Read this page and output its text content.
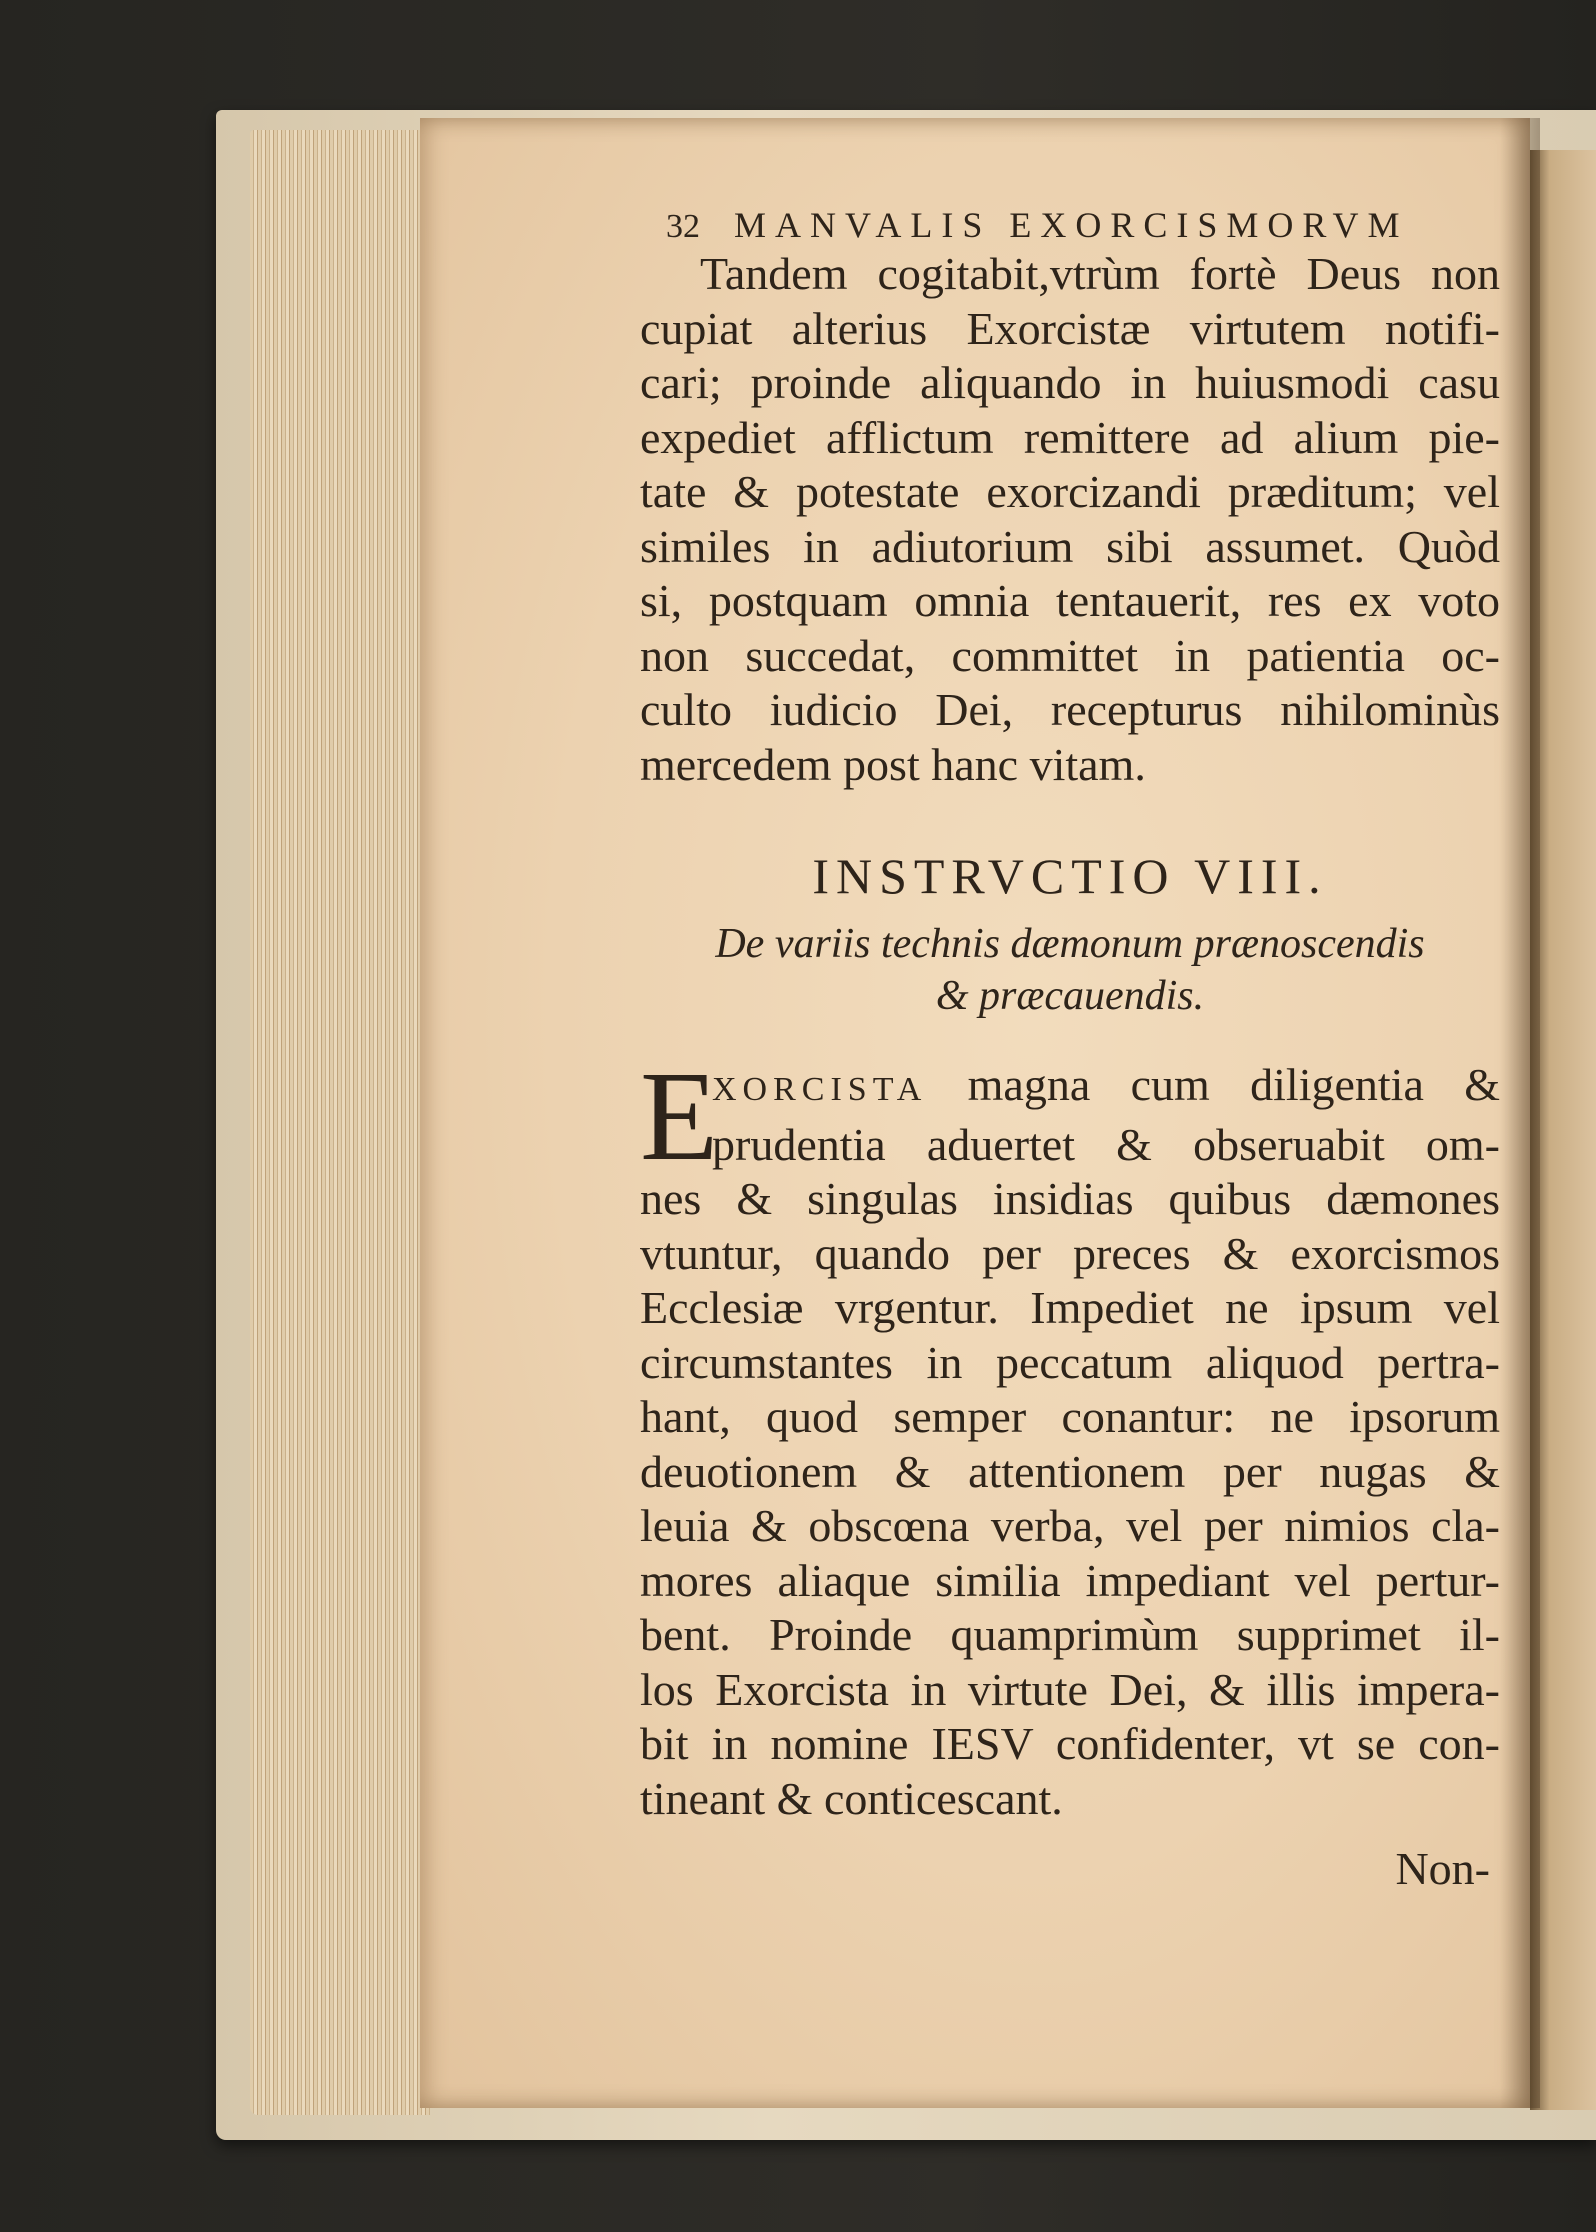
32 MANVALIS EXORCISMORVM

Tandem cogitabit,vtrùm fortè Deus non
cupiat alterius Exorcistæ virtutem notifi-
cari; proinde aliquando in huiusmodi casu
expediet afflictum remittere ad alium pie-
tate & potestate exorcizandi præditum; vel
similes in adiutorium sibi assumet. Quòd
si, postquam omnia tentauerit, res ex voto
non succedat, committet in patientia oc-
culto iudicio Dei, recepturus nihilominùs
mercedem post hanc vitam.

INSTRVCTIO VIII.
De variis technis dæmonum prænoscendis
& præcauendis.
E
XORCISTA magna cum diligentia &
prudentia aduertet & obseruabit om-
nes & singulas insidias quibus dæmones
vtuntur, quando per preces & exorcismos
Ecclesiæ vrgentur. Impediet ne ipsum vel
circumstantes in peccatum aliquod pertra-
hant, quod semper conantur: ne ipsorum
deuotionem & attentionem per nugas &
leuia & obscœna verba, vel per nimios cla-
mores aliaque similia impediant vel pertur-
bent. Proinde quamprimùm supprimet il-
los Exorcista in virtute Dei, & illis impera-
bit in nomine IESV confidenter, vt se con-
tineant & conticescant.
Non-
